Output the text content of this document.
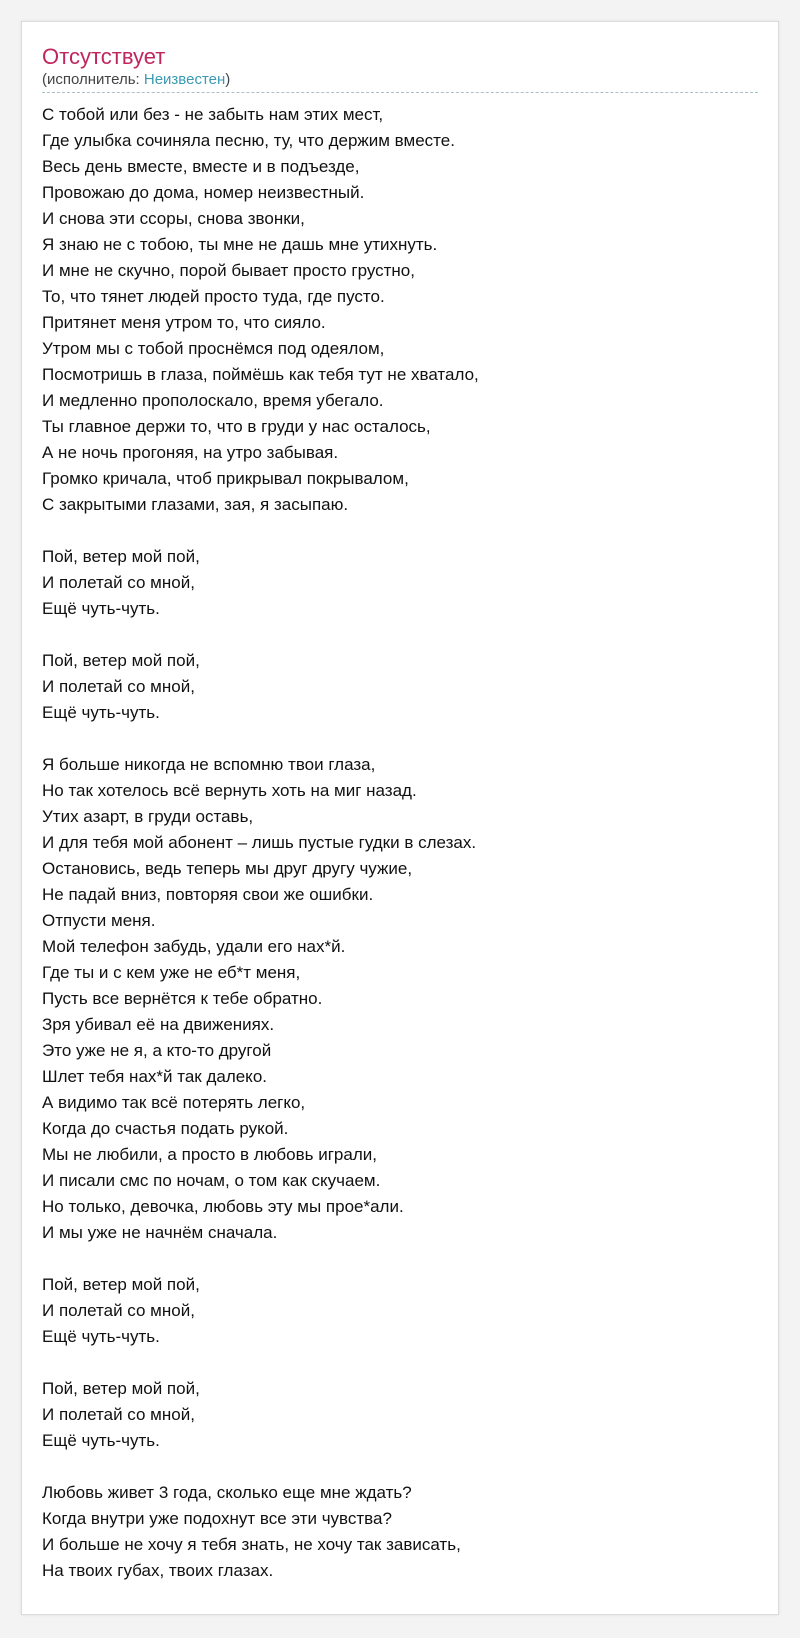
Отсутствует

(исполнитель: Неизвестен)

С тобой или без - не забыть нам этих мест,
Где улыбка сочиняла песню, ту, что держим вместе.
Весь день вместе, вместе и в подъезде,
Провожаю до дома, номер неизвестный.
И снова эти ссоры, снова звонки,
Я знаю не с тобою, ты мне не дашь мне утихнуть.
И мне не скучно, порой бывает просто грустно,
То, что тянет людей просто туда, где пусто.
Притянет меня утром то, что сияло.
Утром мы с тобой проснёмся под одеялом,
Посмотришь в глаза, поймёшь как тебя тут не хватало,
И медленно прополоскало, время убегало.
Ты главное держи то, что в груди у нас осталось,
А не ночь прогоняя, на утро забывая.
Громко кричала, чтоб прикрывал покрывалом,
С закрытыми глазами, зая, я засыпаю.
Пой, ветер мой пой,
И полетай со мной,
Ещё чуть-чуть.
Пой, ветер мой пой,
И полетай со мной,
Ещё чуть-чуть.
Я больше никогда не вспомню твои глаза,
Но так хотелось всё вернуть хоть на миг назад.
Утих азарт, в груди оставь,
И для тебя мой абонент – лишь пустые гудки в слезах.
Остановись, ведь теперь мы друг другу чужие,
Не падай вниз, повторяя свои же ошибки.
Отпусти меня.
Мой телефон забудь, удали его нах*й.
Где ты и с кем уже не еб*т меня,
Пусть все вернётся к тебе обратно.
Зря убивал её на движениях.
Это уже не я, а кто-то другой
Шлет тебя нах*й так далеко.
А видимо так всё потерять легко,
Когда до счастья подать рукой.
Мы не любили, а просто в любовь играли,
И писали смс по ночам, о том как скучаем.
Но только, девочка, любовь эту мы прое*али.
И мы уже не начнём сначала.
Пой, ветер мой пой,
И полетай со мной,
Ещё чуть-чуть.
Пой, ветер мой пой,
И полетай со мной,
Ещё чуть-чуть.
Любовь живет 3 года, сколько еще мне ждать?
Когда внутри уже подохнут все эти чувства?
И больше не хочу я тебя знать, не хочу так зависать,
На твоих губах, твоих глазах.
